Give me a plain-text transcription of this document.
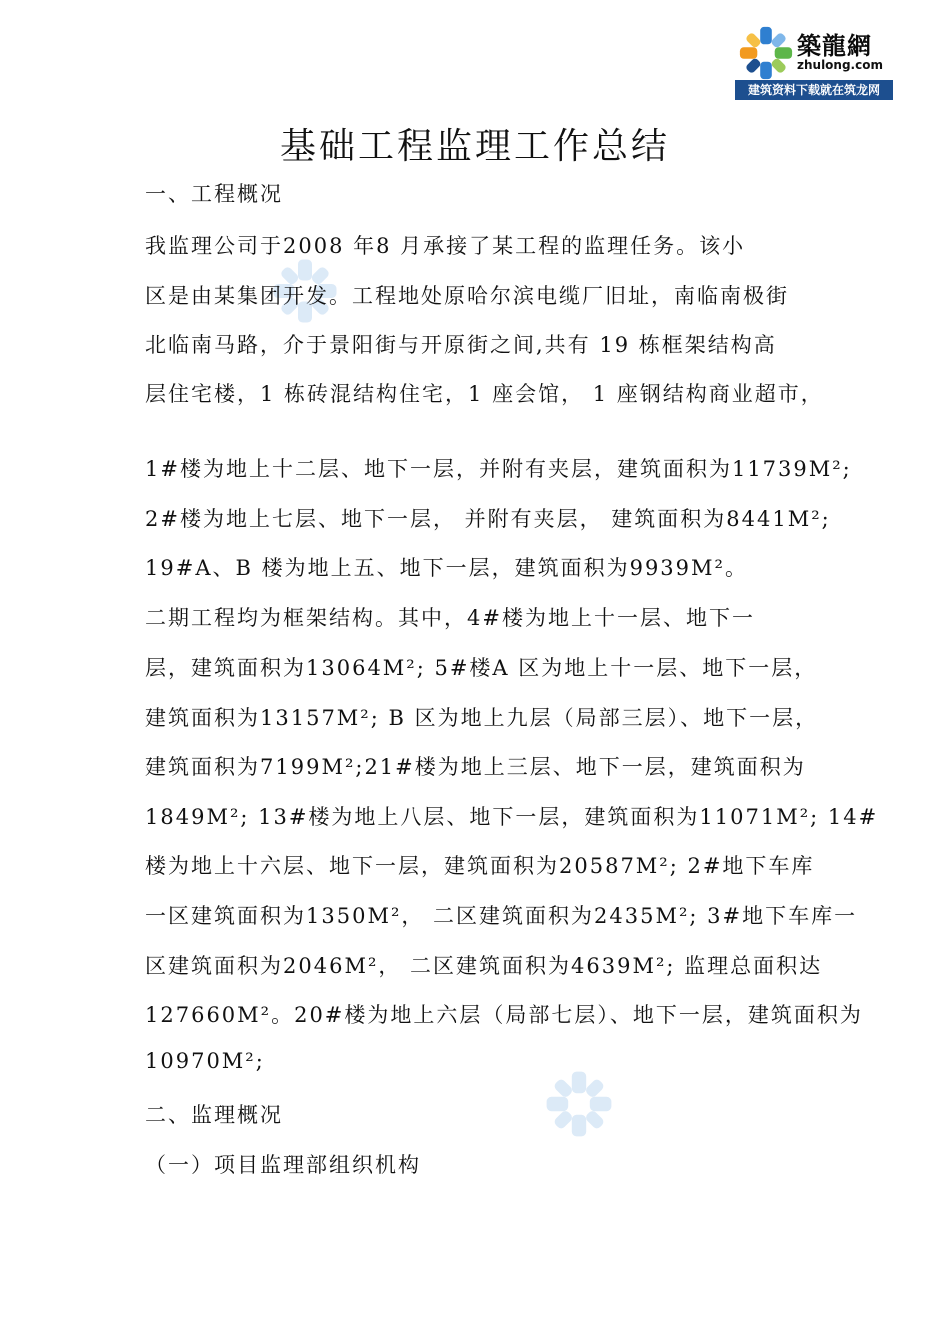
築龍網
zhulong.com
建筑资料下载就在筑龙网
基础工程监理工作总结
一、工程概况
我监理公司于2008 年8 月承接了某工程的监理任务。该小
区是由某集团开发。工程地处原哈尔滨电缆厂旧址，南临南极街
北临南马路，介于景阳街与开原街之间,共有 19 栋框架结构高
层住宅楼，1 栋砖混结构住宅，1 座会馆， 1 座钢结构商业超市，
1#楼为地上十二层、地下一层，并附有夹层，建筑面积为11739M²;
2#楼为地上七层、地下一层， 并附有夹层， 建筑面积为8441M²;
19#A、B 楼为地上五、地下一层，建筑面积为9939M²。
二期工程均为框架结构。其中，4#楼为地上十一层、地下一
层，建筑面积为13064M²; 5#楼A 区为地上十一层、地下一层，
建筑面积为13157M²; B 区为地上九层（局部三层）、地下一层，
建筑面积为7199M²;21#楼为地上三层、地下一层，建筑面积为
1849M²; 13#楼为地上八层、地下一层，建筑面积为11071M²; 14#
楼为地上十六层、地下一层，建筑面积为20587M²; 2#地下车库
一区建筑面积为1350M²， 二区建筑面积为2435M²; 3#地下车库一
区建筑面积为2046M²， 二区建筑面积为4639M²; 监理总面积达
127660M²。20#楼为地上六层（局部七层）、地下一层，建筑面积为
10970M²;
二、监理概况
（一）项目监理部组织机构
